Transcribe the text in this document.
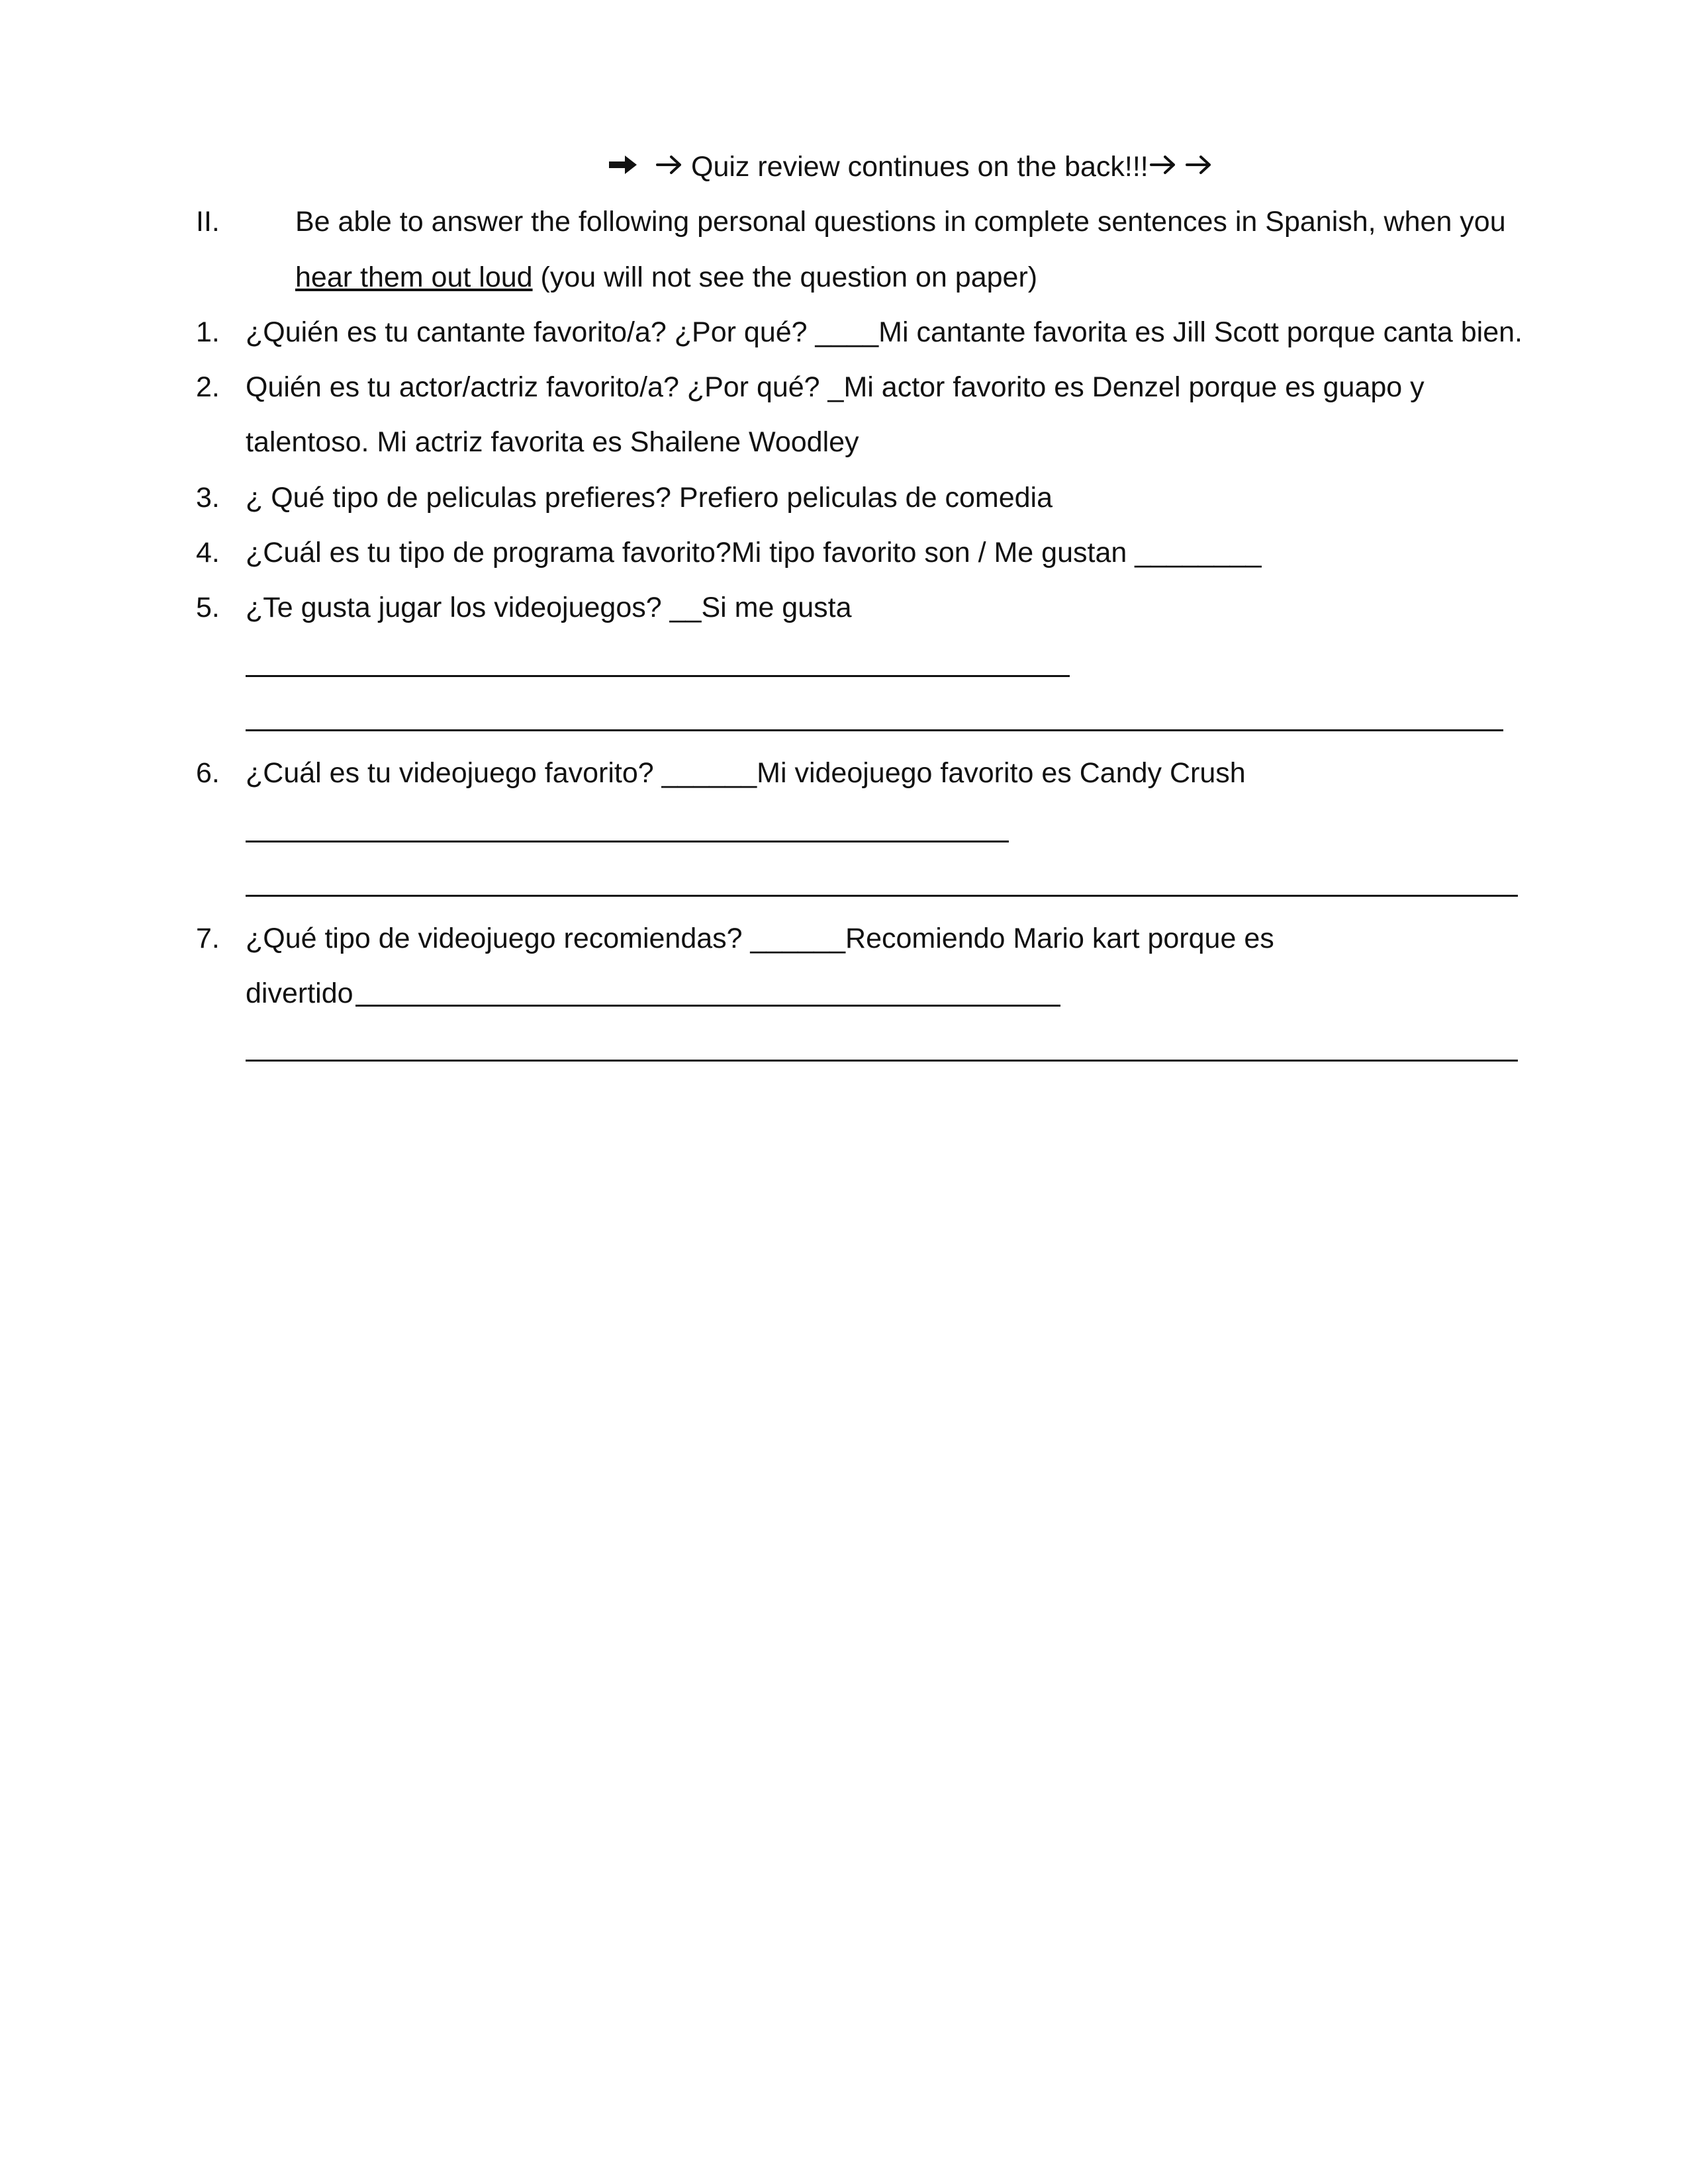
Quiz review continues on the back!!!
II.	Be able to answer the following personal questions in complete sentences in Spanish, when you
hear them out loud (you will not see the question on paper)
1. ¿Quién es tu cantante favorito/a? ¿Por qué? ____Mi cantante favorita es Jill Scott porque canta bien.
2. Quién es tu actor/actriz favorito/a? ¿Por qué? _Mi actor favorito es Denzel porque es guapo y
talentoso. Mi actriz favorita es Shailene Woodley
3. ¿ Qué tipo de peliculas prefieres? Prefiero peliculas de comedia
4. ¿Cuál es tu tipo de programa favorito?Mi tipo favorito son / Me gustan ________
5. ¿Te gusta jugar los videojuegos? __Si me gusta
6. ¿Cuál es tu videojuego favorito? ______Mi videojuego favorito es Candy Crush
7. ¿Qué tipo de videojuego recomiendas? ______Recomiendo Mario kart porque es
divertido
